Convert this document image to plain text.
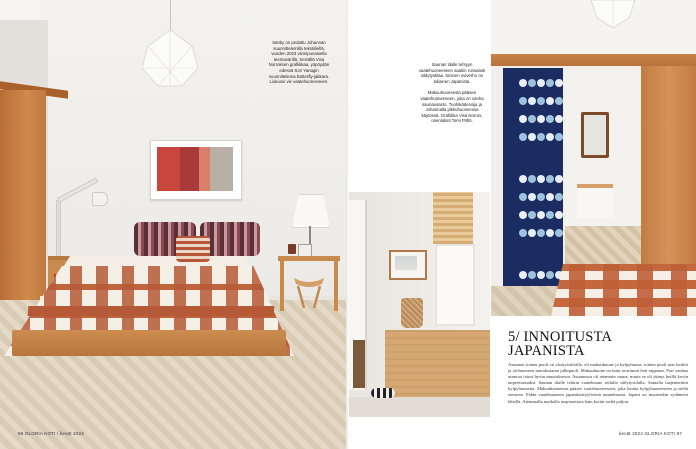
Sänky on pedattu Johannan suunnittelemilla tekstiileillä, vuoden 2023 viininpunaisella teemavärillä. Seinällä Visa Norroksen grafiikkaa, yöpöydän edessä Sori Yanagin suunnittelema Butterfly-jakkara. Liukuovi vie vaatehuoneeseen.
96 GLORIA KOTI / kevät 2024

Saunan tilalle tehtyyn vaatehuoneeseen saatiin runsaasti säilytystilaa. Sininen oviverho on tuliainen Japanista.

Makuuhuoneesta pääsee vaatehuoneeseen, joka on vanha saunaosasto. Tuohikädensija ja Johannalla pikkuhuoneessa käytössä. Grafiikka Visa Norros, orientalisti Tomi Pöllö.

5/ INNOITUSTA JAPANISTA

Asunnon toinen puoli on yksityistiloille, eli makuuhuone ja kylpyhuone, toinen puoli taas keittiö ja olohuoneen muodostama julkipuoli. Makuuhuone on kuin avartunut heti rappuun. Pari vanhaa asuntoa toimi hyvin muutoksessa. Asunnossa oli aiemmin sauna, mutta se oli jäänyt heillä kovin tarpeettomaksi. Saunan tilalle tehtiin vaatehuone reilulla säilytystilalla. Samalla laajennettiin kylpyhuonetta. Makuuhuoneesta pääsee vaatehuoneeseen, joka kautta kylpyhuoneeseen ja sieltä eteiseen. Pidän vaatehuoneen japanilaistyylisestä tunnelmasta. Japani on muutenkin sydämeni lähellä. Aiemmalla matkalla inspiraatiota hain kotiin sieltä paljon.

kevät 2024 GLORIA KOTI 97
